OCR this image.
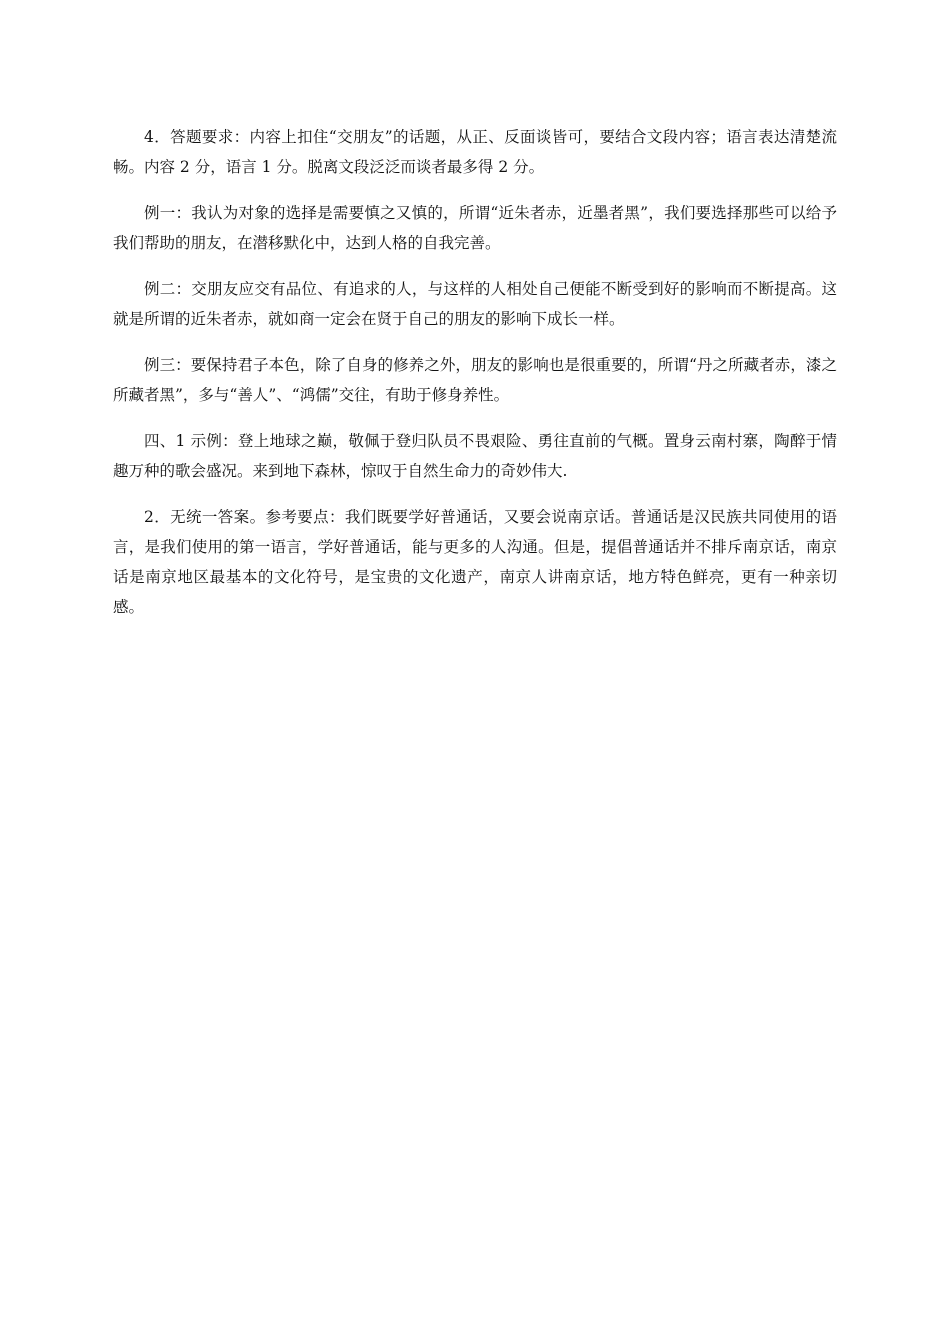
4．答题要求：内容上扣住“交朋友”的话题，从正、反面谈皆可，要结合文段内容；语言表达清楚流畅。内容 2 分，语言 1 分。脱离文段泛泛而谈者最多得 2 分。

例一：我认为对象的选择是需要慎之又慎的，所谓“近朱者赤，近墨者黑”，我们要选择那些可以给予我们帮助的朋友，在潜移默化中，达到人格的自我完善。

例二：交朋友应交有品位、有追求的人，与这样的人相处自己便能不断受到好的影响而不断提高。这就是所谓的近朱者赤，就如商一定会在贤于自己的朋友的影响下成长一样。

例三：要保持君子本色，除了自身的修养之外，朋友的影响也是很重要的，所谓“丹之所藏者赤，漆之所藏者黑”，多与“善人”、“鸿儒”交往，有助于修身养性。

四、1 示例：登上地球之巅，敬佩于登归队员不畏艰险、勇往直前的气概。置身云南村寨，陶醉于情趣万种的歌会盛况。来到地下森林，惊叹于自然生命力的奇妙伟大.

2．无统一答案。参考要点：我们既要学好普通话，又要会说南京话。普通话是汉民族共同使用的语言，是我们使用的第一语言，学好普通话，能与更多的人沟通。但是，提倡普通话并不排斥南京话，南京话是南京地区最基本的文化符号，是宝贵的文化遗产，南京人讲南京话，地方特色鲜亮，更有一种亲切感。
